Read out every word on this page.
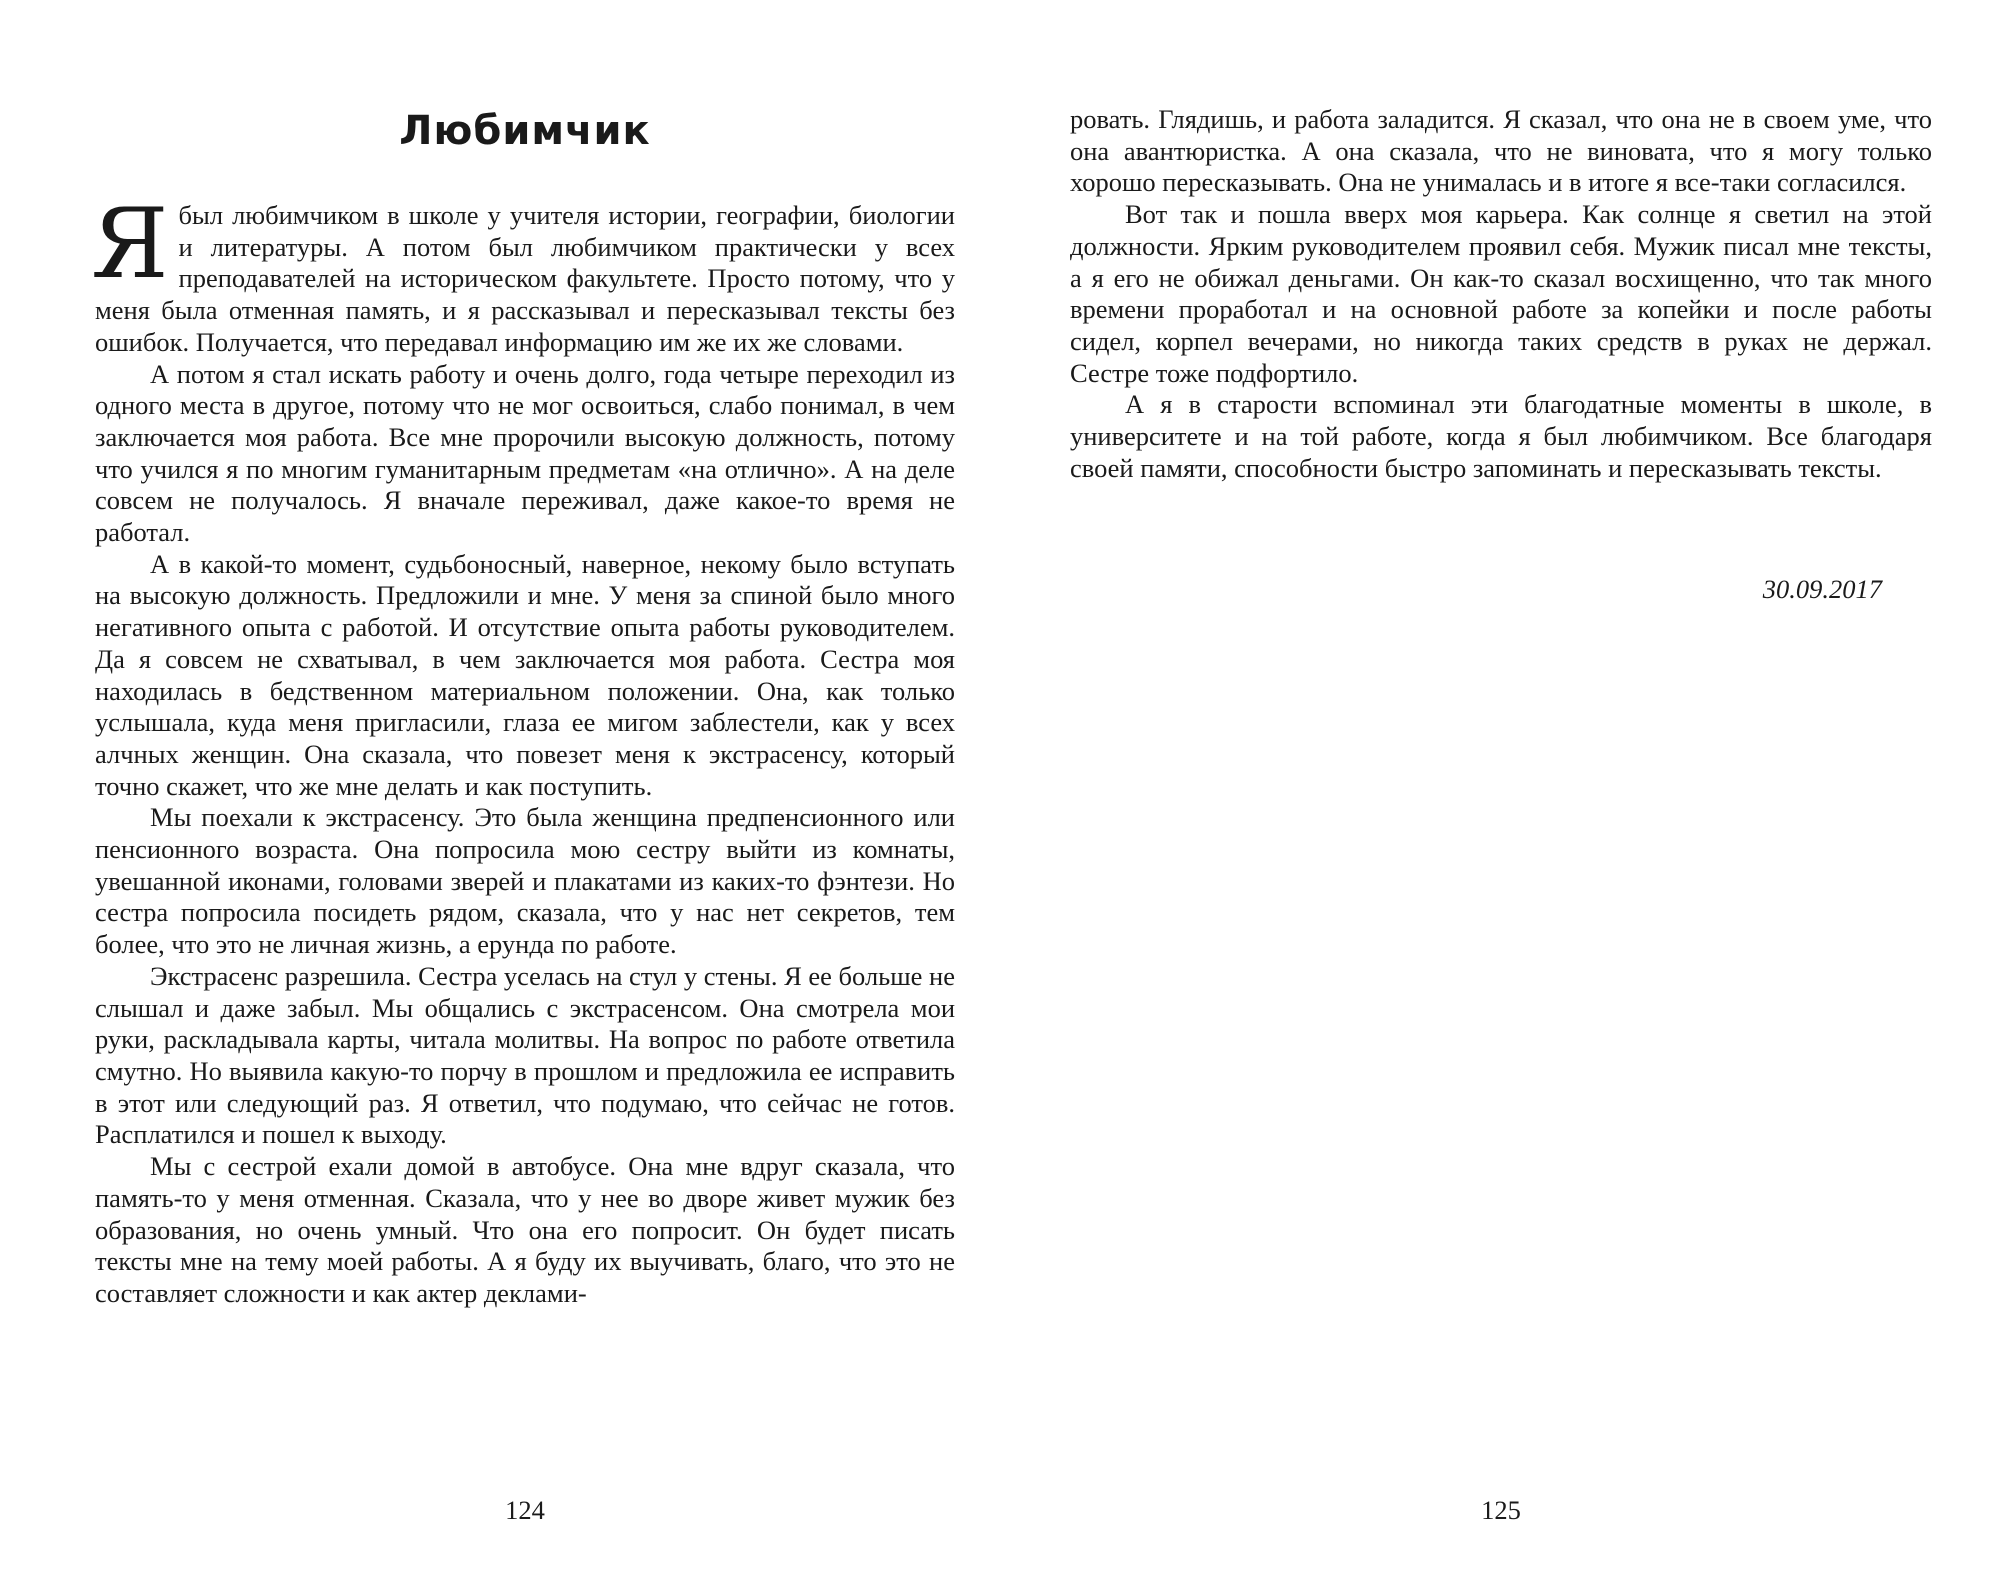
Любимчик

Ябыл любимчиком в школе у учителя истории, географии, биологии и литературы. А потом был любимчиком практически у всех преподавателей на историческом факультете. Просто потому, что у меня была отменная память, и я рассказывал и пересказывал тексты без ошибок. Получается, что передавал информацию им же их же словами.

А потом я стал искать работу и очень долго, года четыре переходил из одного места в другое, потому что не мог освоиться, слабо понимал, в чем заключается моя работа. Все мне пророчили высокую должность, потому что учился я по многим гуманитарным предметам «на отлично». А на деле совсем не получалось. Я вначале переживал, даже какое-то время не работал.

А в какой-то момент, судьбоносный, наверное, некому было вступать на высокую должность. Предложили и мне. У меня за спиной было много негативного опыта с работой. И отсутствие опыта работы руководителем. Да я совсем не схватывал, в чем заключается моя работа. Сестра моя находилась в бедственном материальном положении. Она, как только услышала, куда меня пригласили, глаза ее мигом заблестели, как у всех алчных женщин. Она сказала, что повезет меня к экстрасенсу, который точно скажет, что же мне делать и как поступить.

Мы поехали к экстрасенсу. Это была женщина предпенсионного или пенсионного возраста. Она попросила мою сестру выйти из комнаты, увешанной иконами, головами зверей и плакатами из каких-то фэнтези. Но сестра попросила посидеть рядом, сказала, что у нас нет секретов, тем более, что это не личная жизнь, а ерунда по работе.

Экстрасенс разрешила. Сестра уселась на стул у стены. Я ее больше не слышал и даже забыл. Мы общались с экстрасенсом. Она смотрела мои руки, раскладывала карты, читала молитвы. На вопрос по работе ответила смутно. Но выявила какую-то порчу в прошлом и предложила ее исправить в этот или следующий раз. Я ответил, что подумаю, что сейчас не готов. Расплатился и пошел к выходу.

Мы с сестрой ехали домой в автобусе. Она мне вдруг сказала, что память-то у меня отменная. Сказала, что у нее во дворе живет мужик без образования, но очень умный. Что она его попросит. Он будет писать тексты мне на тему моей работы. А я буду их выучивать, благо, что это не составляет сложности и как актер деклами-

124

ровать. Глядишь, и работа заладится. Я сказал, что она не в своем уме, что она авантюристка. А она сказала, что не виновата, что я могу только хорошо пересказывать. Она не унималась и в итоге я все-таки согласился.

Вот так и пошла вверх моя карьера. Как солнце я светил на этой должности. Ярким руководителем проявил себя. Мужик писал мне тексты, а я его не обижал деньгами. Он как-то сказал восхищенно, что так много времени проработал и на основной работе за копейки и после работы сидел, корпел вечерами, но никогда таких средств в руках не держал. Сестре тоже подфортило.

А я в старости вспоминал эти благодатные моменты в школе, в университете и на той работе, когда я был любимчиком. Все благодаря своей памяти, способности быстро запоминать и пересказывать тексты.

30.09.2017

125
